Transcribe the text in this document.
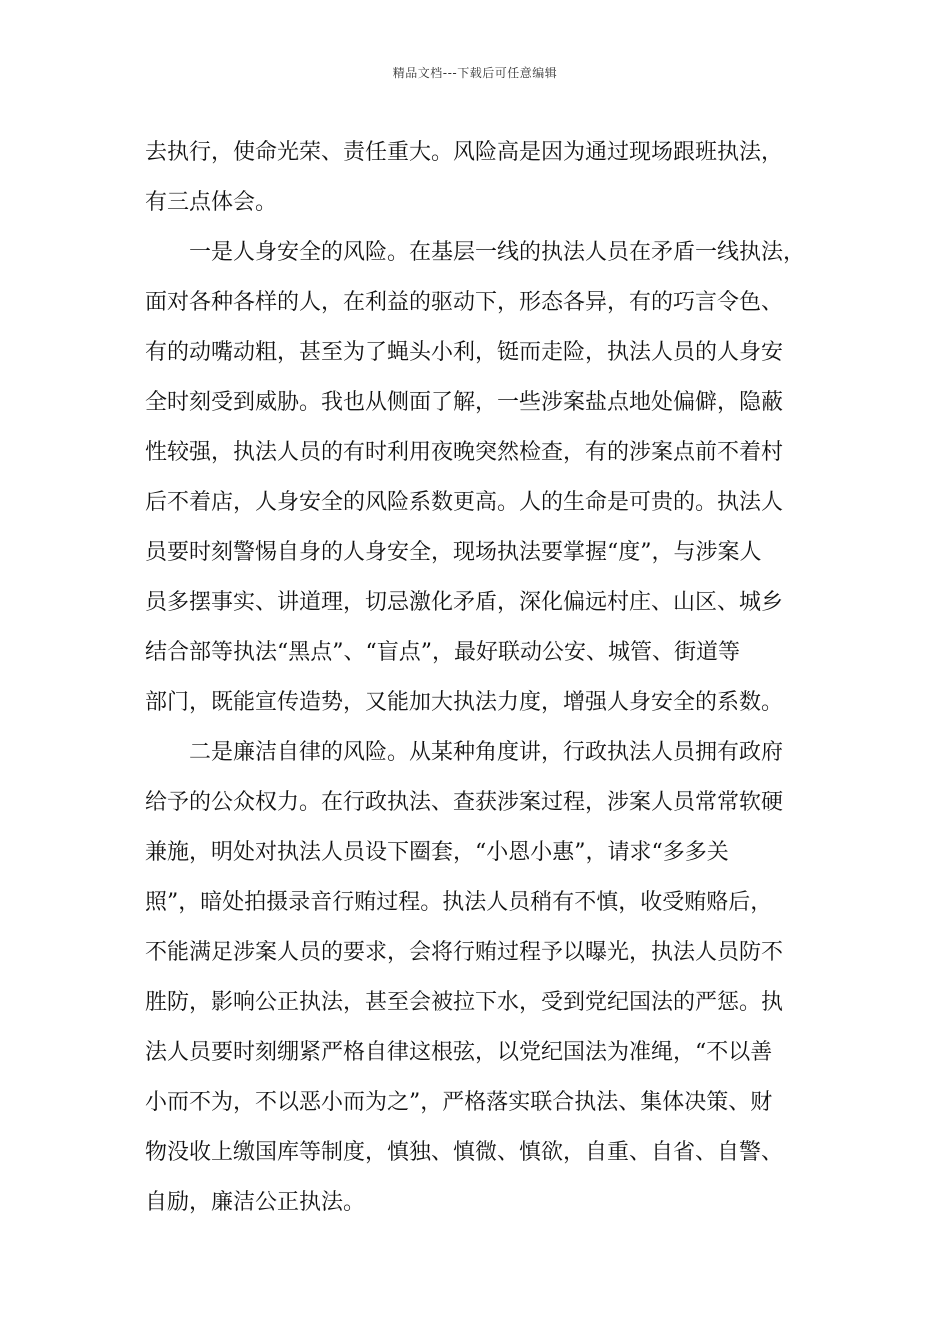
精品文档---下载后可任意编辑
去执行，使命光荣、责任重大。风险高是因为通过现场跟班执法，
有三点体会。
一是人身安全的风险。在基层一线的执法人员在矛盾一线执法，
面对各种各样的人，在利益的驱动下，形态各异，有的巧言令色、
有的动嘴动粗，甚至为了蝇头小利，铤而走险，执法人员的人身安
全时刻受到威胁。我也从侧面了解，一些涉案盐点地处偏僻，隐蔽
性较强，执法人员的有时利用夜晚突然检查，有的涉案点前不着村
后不着店，人身安全的风险系数更高。人的生命是可贵的。执法人
员要时刻警惕自身的人身安全，现场执法要掌握“度”，与涉案人
员多摆事实、讲道理，切忌激化矛盾，深化偏远村庄、山区、城乡
结合部等执法“黑点”、“盲点”，最好联动公安、城管、街道等
部门，既能宣传造势，又能加大执法力度，增强人身安全的系数。
二是廉洁自律的风险。从某种角度讲，行政执法人员拥有政府
给予的公众权力。在行政执法、查获涉案过程，涉案人员常常软硬
兼施，明处对执法人员设下圈套，“小恩小惠”，请求“多多关
照”，暗处拍摄录音行贿过程。执法人员稍有不慎，收受贿赂后，
不能满足涉案人员的要求，会将行贿过程予以曝光，执法人员防不
胜防，影响公正执法，甚至会被拉下水，受到党纪国法的严惩。执
法人员要时刻绷紧严格自律这根弦，以党纪国法为准绳，“不以善
小而不为，不以恶小而为之”，严格落实联合执法、集体决策、财
物没收上缴国库等制度，慎独、慎微、慎欲，自重、自省、自警、
自励，廉洁公正执法。
